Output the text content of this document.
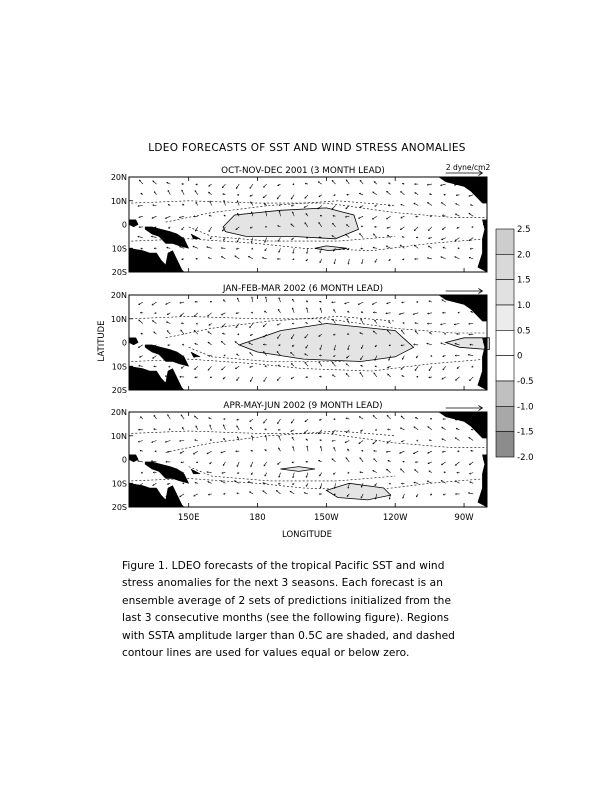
LDEO FORECASTS OF SST AND WIND STRESS ANOMALIES
LATITUDE
LONGITUDE
OCT-NOV-DEC 2001 (3 MONTH LEAD)
20N
10N
0
10S
20S
2 dyne/cm2
JAN-FEB-MAR 2002 (6 MONTH LEAD)
20N
10N
0
10S
20S
APR-MAY-JUN 2002 (9 MONTH LEAD)
20N
10N
0
10S
20S
150E	180	150W	120W	90W
2.5
2.0
1.5
1.0
0.5
0
-0.5
-1.0
-1.5
-2.0
Figure 1. LDEO forecasts of the tropical Pacific SST and wind
stress anomalies for the next 3 seasons. Each forecast is an
ensemble average of 2 sets of predictions initialized from the
last 3 consecutive months (see the following figure). Regions
with SSTA amplitude larger than 0.5C are shaded, and dashed
contour lines are used for values equal or below zero.
